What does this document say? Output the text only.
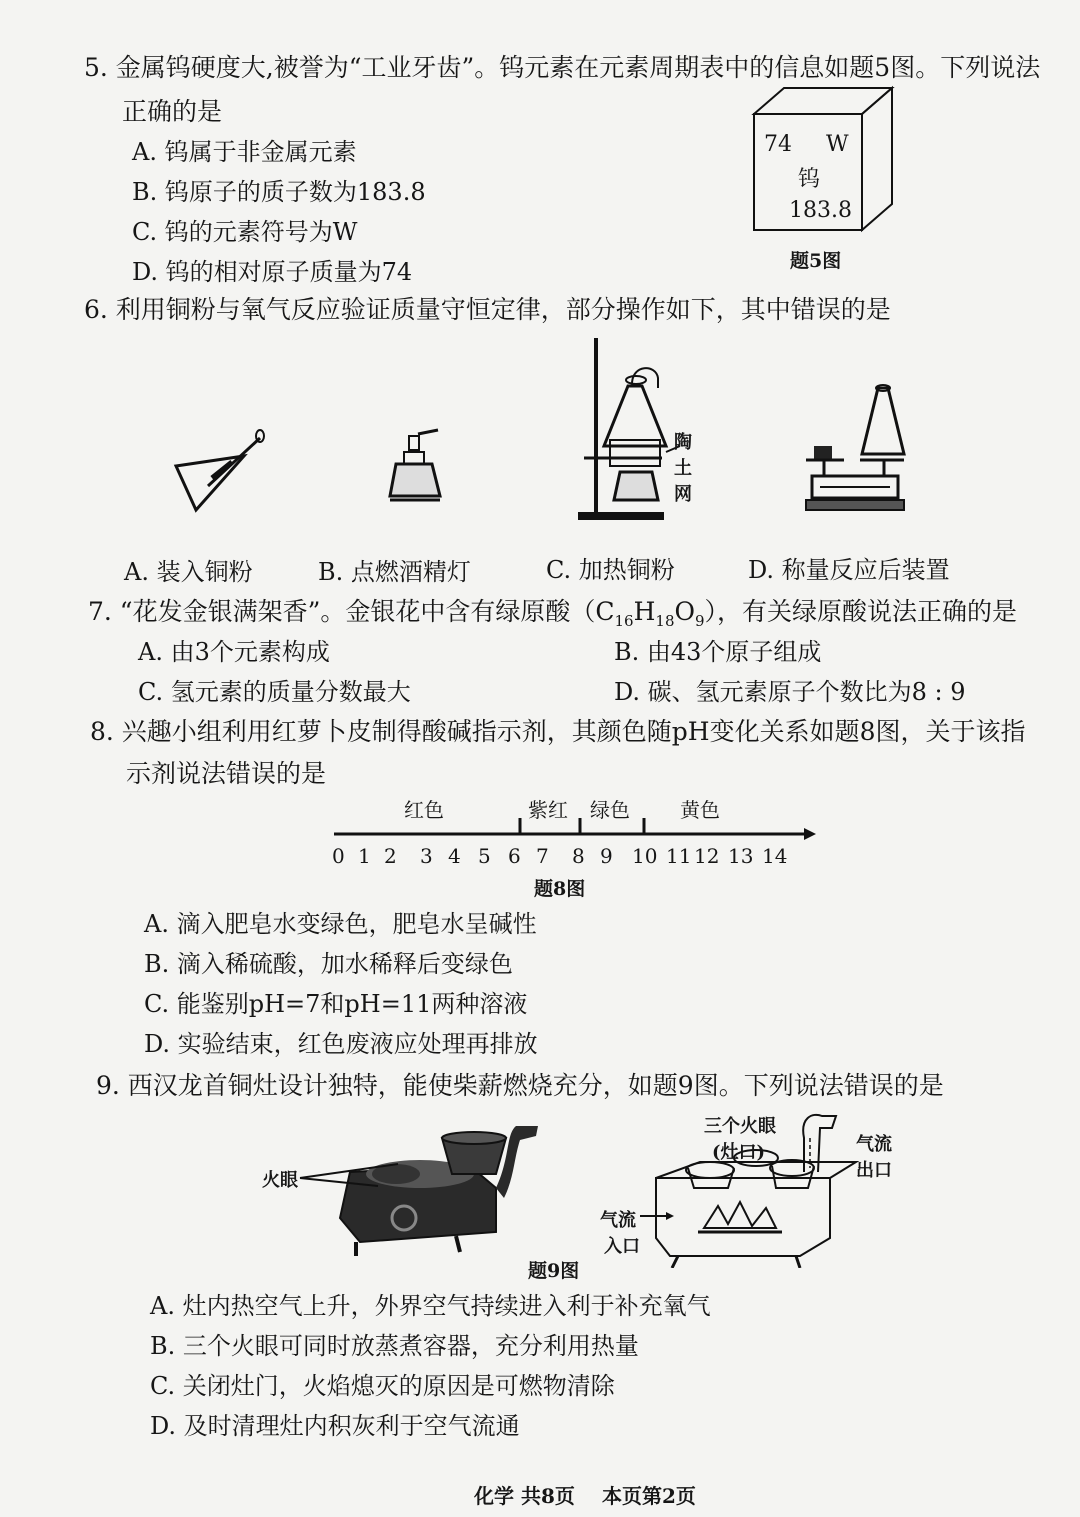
5. 金属钨硬度大,被誉为“工业牙齿”。钨元素在元素周期表中的信息如题5图。下列说法
正确的是
A. 钨属于非金属元素
B. 钨原子的质子数为183.8
C. 钨的元素符号为W
D. 钨的相对原子质量为74
74 W
钨
183.8
题5图
6. 利用铜粉与氧气反应验证质量守恒定律，部分操作如下，其中错误的是
陶
土
网
A. 装入铜粉	B. 点燃酒精灯	C. 加热铜粉	D. 称量反应后装置
7. “花发金银满架香”。金银花中含有绿原酸$(C_{16}H_{18}O_9)$，有关绿原酸说法正确的是
A. 由3个元素构成	B. 由43个原子组成
C. 氢元素的质量分数最大	D. 碳、氢元素原子个数比为8 : 9
8. 兴趣小组利用红萝卜皮制得酸碱指示剂，其颜色随pH变化关系如题8图，关于该指
示剂说法错误的是
红色	紫红 绿色	黄色
0 1 2 3 4 5 6 7 8 9 10 11 12 13 14
题8图
A. 滴入肥皂水变绿色，肥皂水呈碱性
B. 滴入稀硫酸，加水稀释后变绿色
C. 能鉴别pH=7和pH=11两种溶液
D. 实验结束，红色废液应处理再排放
9. 西汉龙首铜灶设计独特，能使柴薪燃烧充分，如题9图。下列说法错误的是
火眼
三个火眼
(灶口)	气流
出口
气流
入口
题9图
A. 灶内热空气上升，外界空气持续进入利于补充氧气
B. 三个火眼可同时放蒸煮容器，充分利用热量
C. 关闭灶门，火焰熄灭的原因是可燃物清除
D. 及时清理灶内积灰利于空气流通
化学 共8页 本页第2页
